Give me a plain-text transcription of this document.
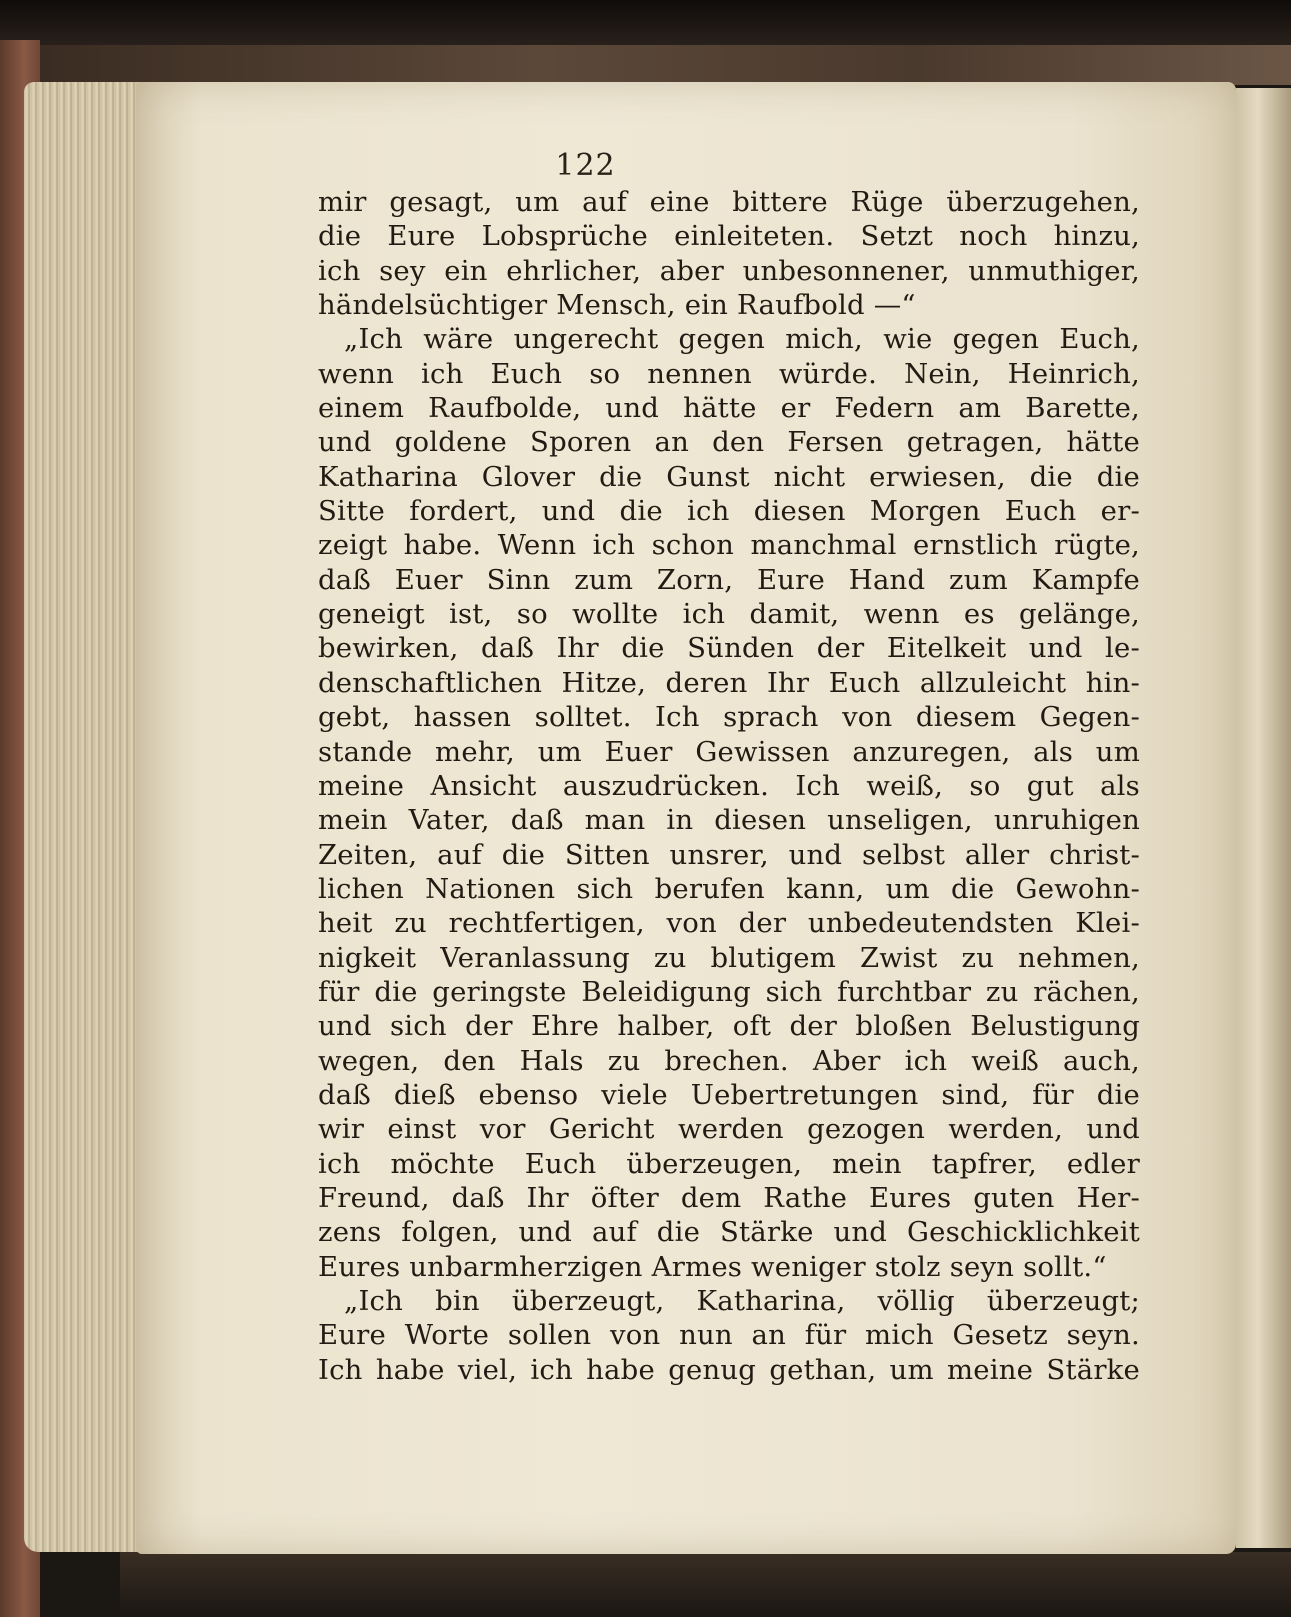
122
mir gesagt, um auf eine bittere Rüge überzugehen,
die Eure Lobsprüche einleiteten. Setzt noch hinzu,
ich sey ein ehrlicher, aber unbesonnener, unmuthiger,
händelsüchtiger Mensch, ein Raufbold —“
„Ich wäre ungerecht gegen mich, wie gegen Euch,
wenn ich Euch so nennen würde. Nein, Heinrich,
einem Raufbolde, und hätte er Federn am Barette,
und goldene Sporen an den Fersen getragen, hätte
Katharina Glover die Gunst nicht erwiesen, die die
Sitte fordert, und die ich diesen Morgen Euch er-
zeigt habe. Wenn ich schon manchmal ernstlich rügte,
daß Euer Sinn zum Zorn, Eure Hand zum Kampfe
geneigt ist, so wollte ich damit, wenn es gelänge,
bewirken, daß Ihr die Sünden der Eitelkeit und le-
denschaftlichen Hitze, deren Ihr Euch allzuleicht hin-
gebt, hassen solltet. Ich sprach von diesem Gegen-
stande mehr, um Euer Gewissen anzuregen, als um
meine Ansicht auszudrücken. Ich weiß, so gut als
mein Vater, daß man in diesen unseligen, unruhigen
Zeiten, auf die Sitten unsrer, und selbst aller christ-
lichen Nationen sich berufen kann, um die Gewohn-
heit zu rechtfertigen, von der unbedeutendsten Klei-
nigkeit Veranlassung zu blutigem Zwist zu nehmen,
für die geringste Beleidigung sich furchtbar zu rächen,
und sich der Ehre halber, oft der bloßen Belustigung
wegen, den Hals zu brechen. Aber ich weiß auch,
daß dieß ebenso viele Uebertretungen sind, für die
wir einst vor Gericht werden gezogen werden, und
ich möchte Euch überzeugen, mein tapfrer, edler
Freund, daß Ihr öfter dem Rathe Eures guten Her-
zens folgen, und auf die Stärke und Geschicklichkeit
Eures unbarmherzigen Armes weniger stolz seyn sollt.“
„Ich bin überzeugt, Katharina, völlig überzeugt;
Eure Worte sollen von nun an für mich Gesetz seyn.
Ich habe viel, ich habe genug gethan, um meine Stärke
